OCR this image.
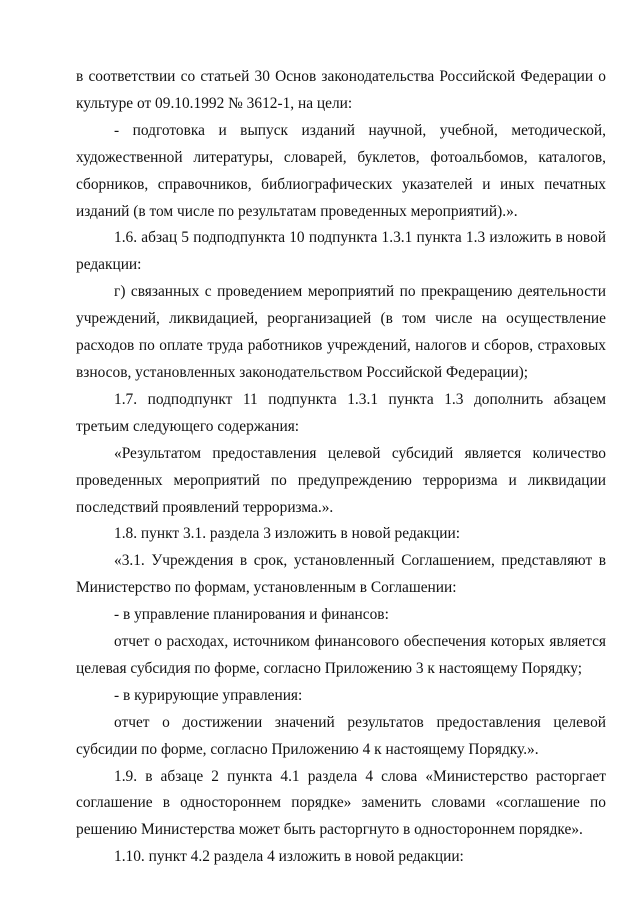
в соответствии со статьей 30 Основ законодательства Российской Федерации о культуре от 09.10.1992 № 3612-1, на цели:

- подготовка и выпуск изданий научной, учебной, методической, художественной литературы, словарей, буклетов, фотоальбомов, каталогов, сборников, справочников, библиографических указателей и иных печатных изданий (в том числе по результатам проведенных мероприятий).».

1.6. абзац 5 подподпункта 10 подпункта 1.3.1 пункта 1.3 изложить в новой редакции:

г) связанных с проведением мероприятий по прекращению деятельности учреждений, ликвидацией, реорганизацией (в том числе на осуществление расходов по оплате труда работников учреждений, налогов и сборов, страховых взносов, установленных законодательством Российской Федерации);

1.7. подподпункт 11 подпункта 1.3.1 пункта 1.3 дополнить абзацем третьим следующего содержания:

«Результатом предоставления целевой субсидий является количество проведенных мероприятий по предупреждению терроризма и ликвидации последствий проявлений терроризма.».

1.8. пункт 3.1. раздела 3 изложить в новой редакции:

«3.1. Учреждения в срок, установленный Соглашением, представляют в Министерство по формам, установленным в Соглашении:

- в управление планирования и финансов:

отчет о расходах, источником финансового обеспечения которых является целевая субсидия по форме, согласно Приложению 3 к настоящему Порядку;

- в курирующие управления:

отчет о достижении значений результатов предоставления целевой субсидии по форме, согласно Приложению 4 к настоящему Порядку.».

1.9. в абзаце 2 пункта 4.1 раздела 4 слова «Министерство расторгает соглашение в одностороннем порядке» заменить словами «соглашение по решению Министерства может быть расторгнуто в одностороннем порядке».

1.10. пункт 4.2 раздела 4 изложить в новой редакции:
